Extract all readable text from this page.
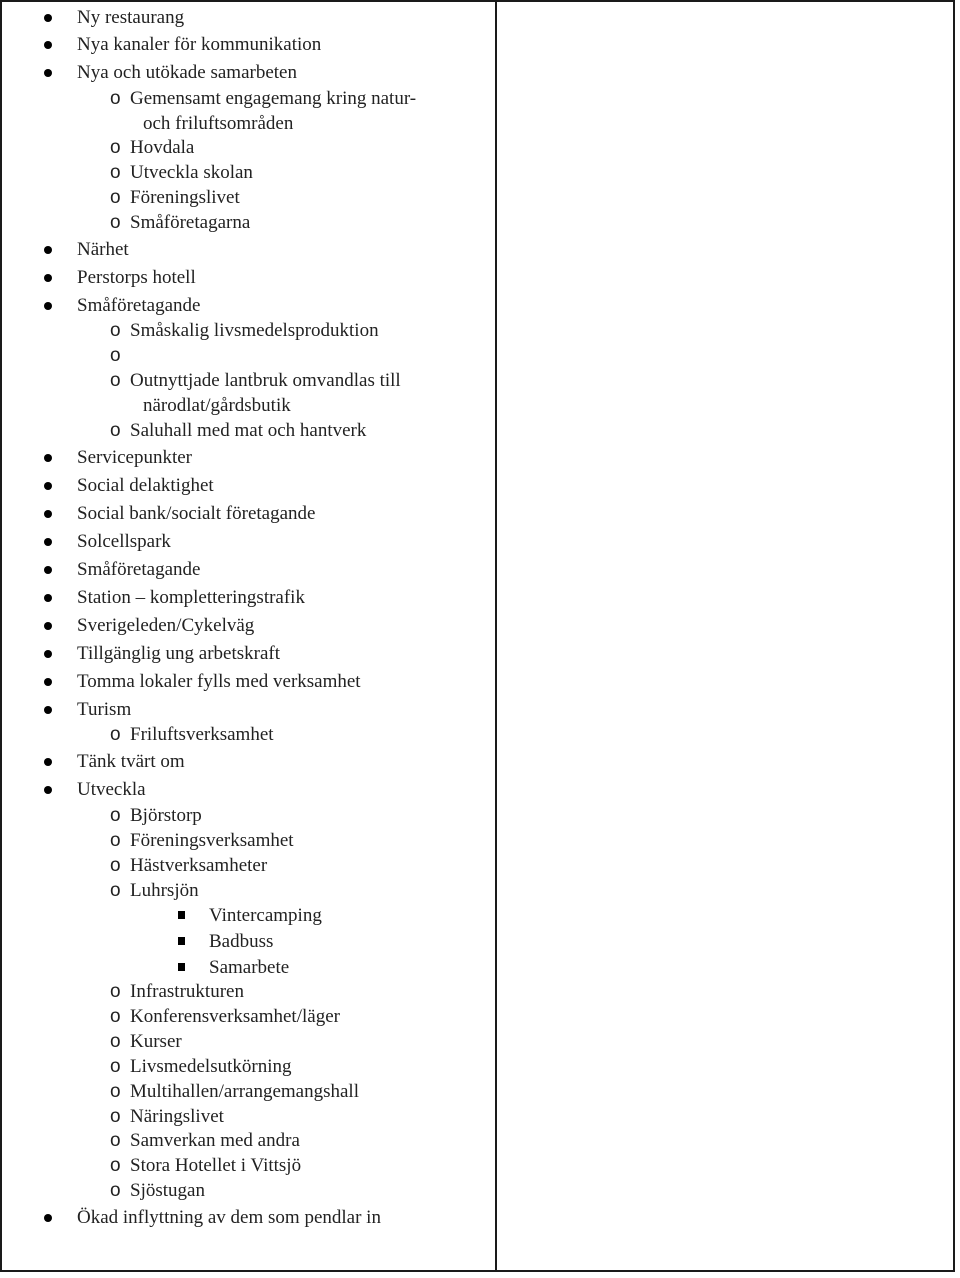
Ny restaurang
Nya kanaler för kommunikation
Nya och utökade samarbeten
o Gemensamt engagemang kring natur-
och friluftsområden
o Hovdala
o Utveckla skolan
o Föreningslivet
o Småföretagarna
Närhet
Perstorps hotell
Småföretagande
o Småskalig livsmedelsproduktion
o
o Outnyttjade lantbruk omvandlas till
närodlat/gårdsbutik
o Saluhall med mat och hantverk
Servicepunkter
Social delaktighet
Social bank/socialt företagande
Solcellspark
Småföretagande
Station – kompletteringstrafik
Sverigeleden/Cykelväg
Tillgänglig ung arbetskraft
Tomma lokaler fylls med verksamhet
Turism
o Friluftsverksamhet
Tänk tvärt om
Utveckla
o Björstorp
o Föreningsverksamhet
o Hästverksamheter
o Luhrsjön
Vintercamping
Badbuss
Samarbete
o Infrastrukturen
o Konferensverksamhet/läger
o Kurser
o Livsmedelsutkörning
o Multihallen/arrangemangshall
o Näringslivet
o Samverkan med andra
o Stora Hotellet i Vittsjö
o Sjöstugan
Ökad inflyttning av dem som pendlar in
